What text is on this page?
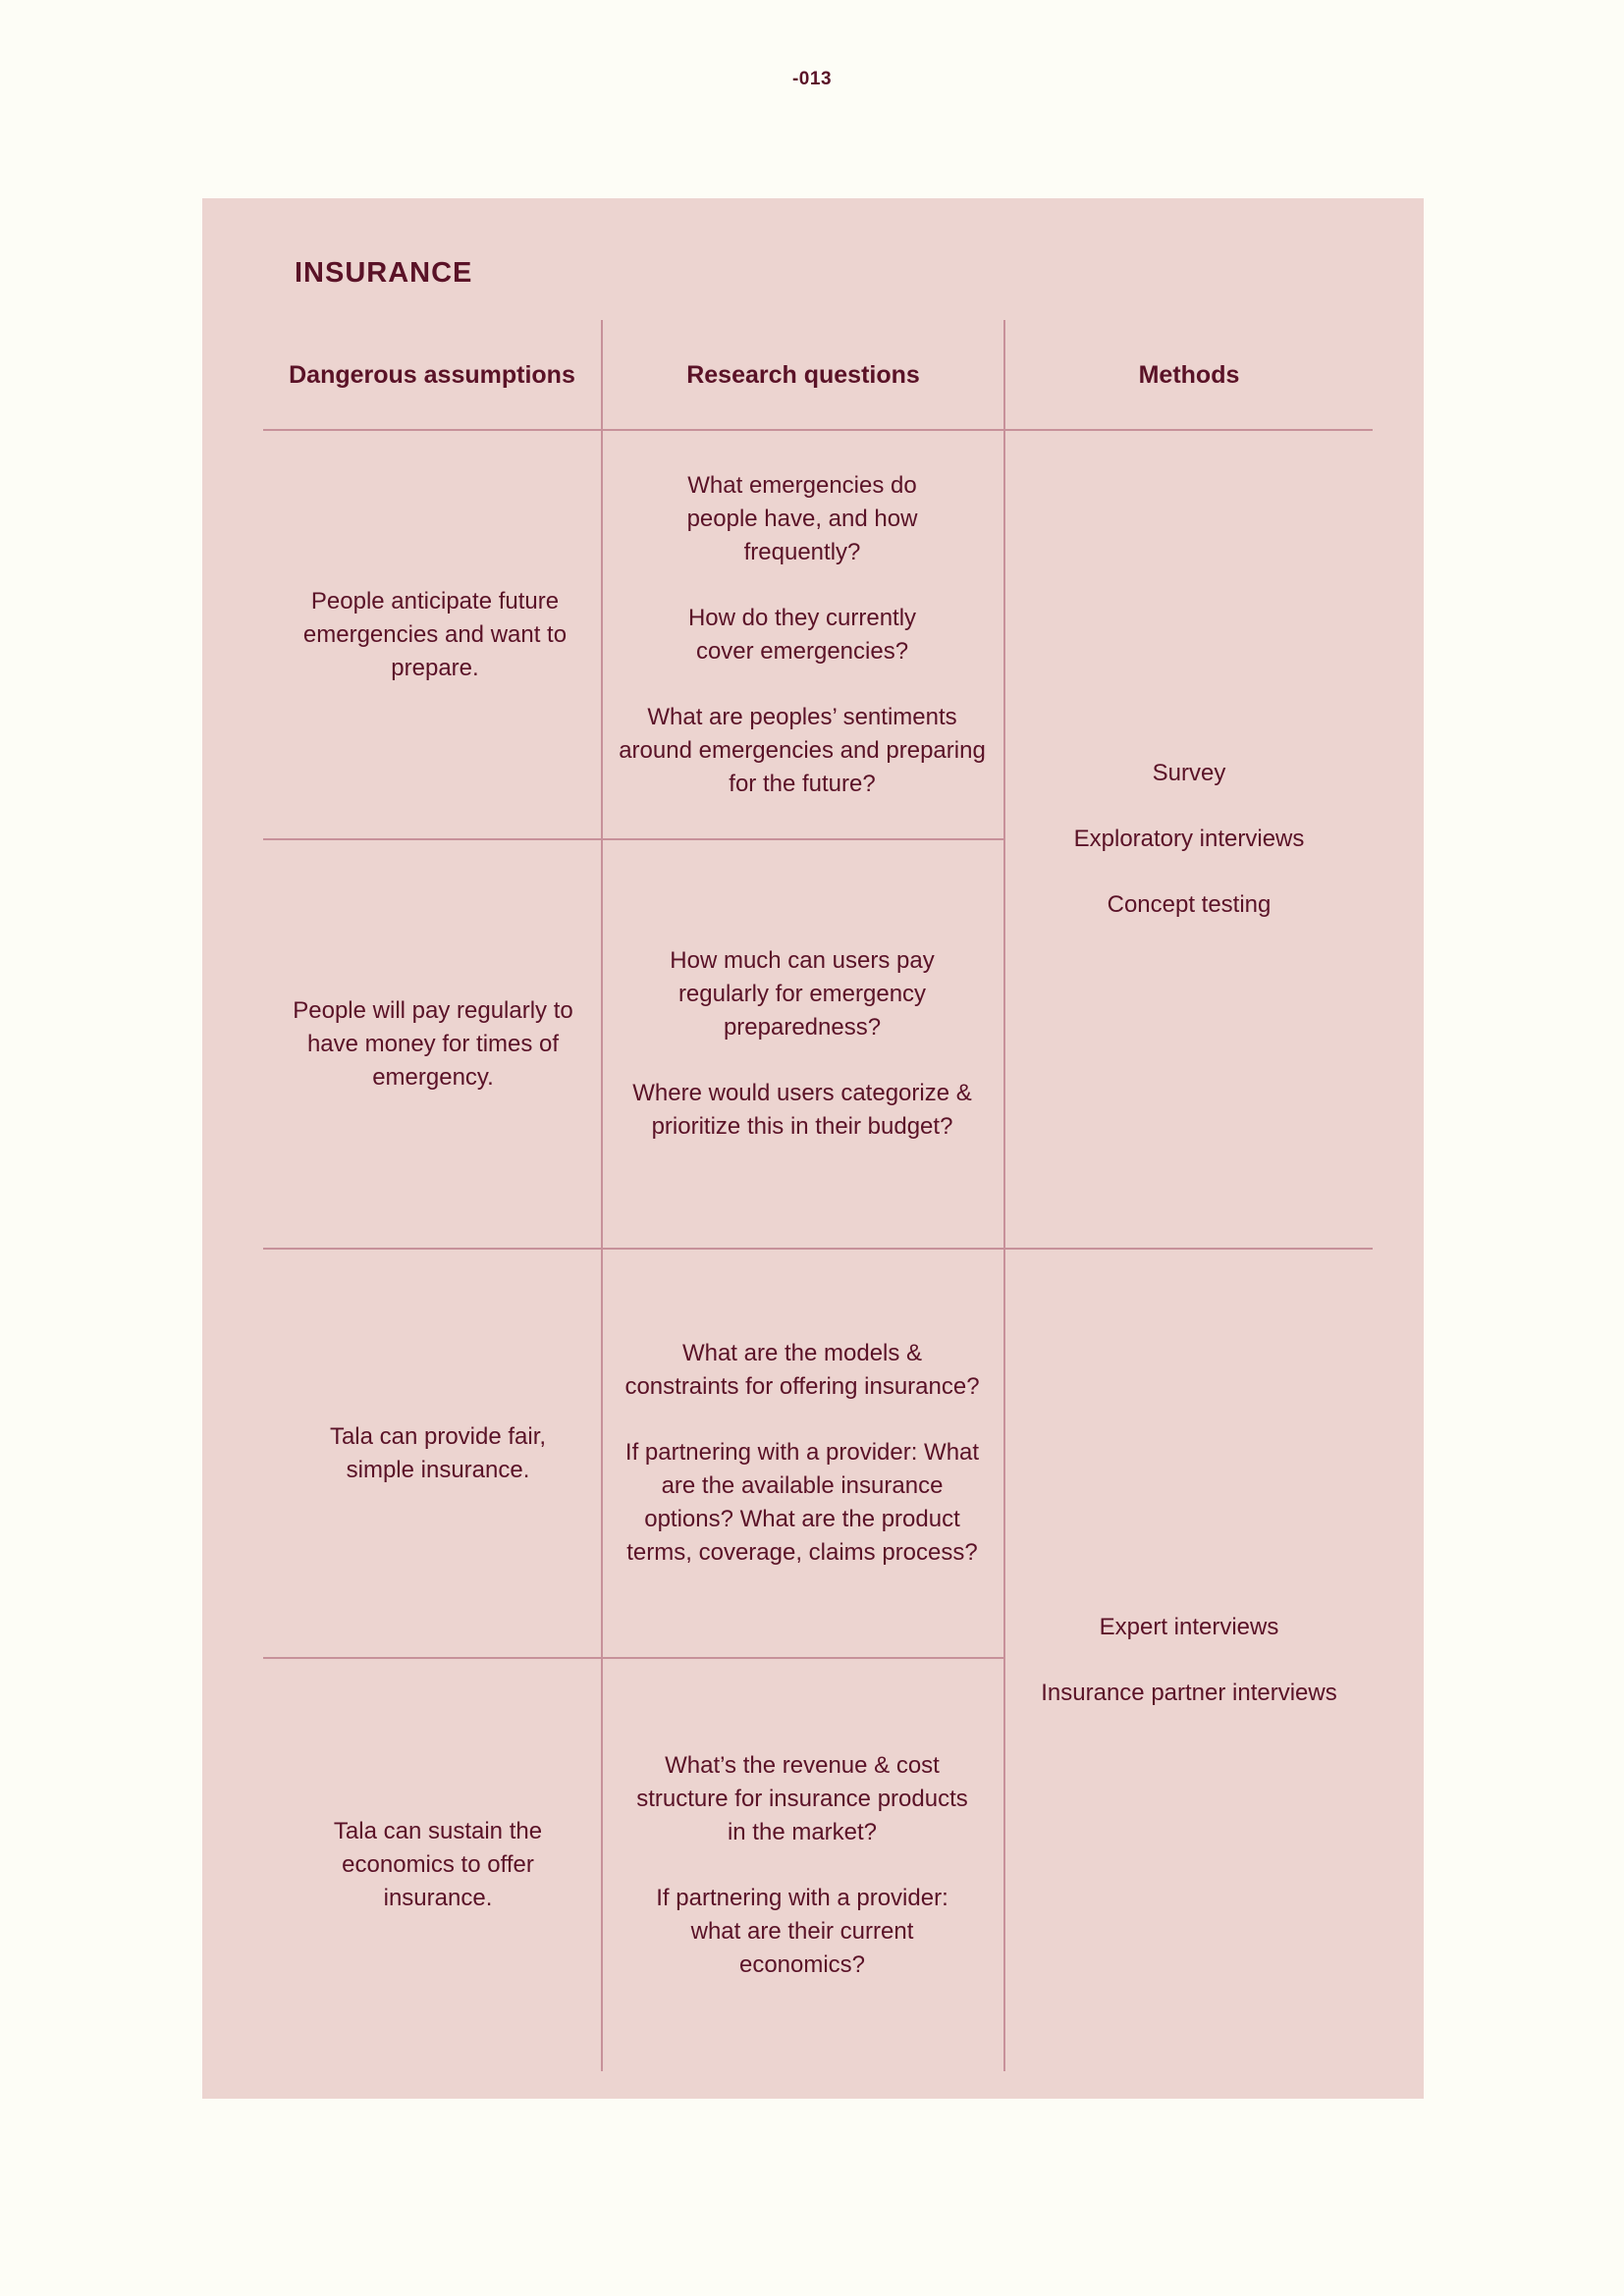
-013
INSURANCE
Dangerous assumptions	Research questions	Methods

People anticipate future emergencies and want to prepare.

What emergencies do people have, and how frequently?

How do they currently cover emergencies?

What are peoples’ sentiments around emergencies and preparing for the future?

People will pay regularly to have money for times of emergency.

How much can users pay regularly for emergency preparedness?

Where would users categorize & prioritize this in their budget?

Survey
Exploratory interviews
Concept testing

Tala can provide fair, simple insurance.

What are the models & constraints for offering insurance?

If partnering with a provider: What are the available insurance options? What are the product terms, coverage, claims process?

Tala can sustain the economics to offer insurance.

What’s the revenue & cost structure for insurance products in the market?

If partnering with a provider: what are their current economics?

Expert interviews
Insurance partner interviews
